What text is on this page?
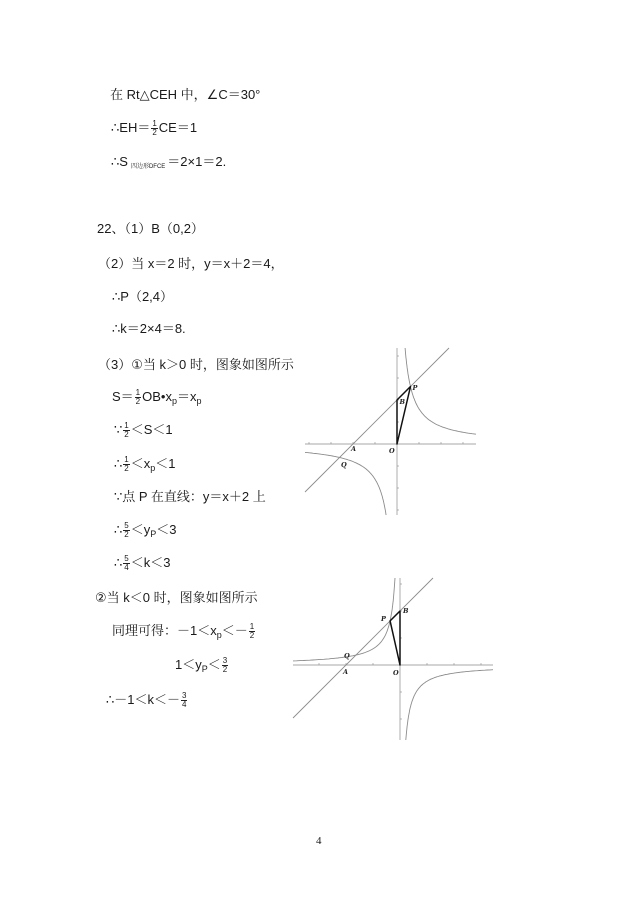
在 Rt△CEH 中，∠C＝30°
∴EH＝ $\frac{1}{2} CE=1$
∴S $_{四边形DFCE}$ ＝2×1＝2.
22、（1）B（0,2）
（2）当 x＝2 时，y＝x＋2＝4，
∴P（2,4）
∴k＝2×4＝8.
（3）①当 k＞0 时，图象如图所示
$S= \frac{1}{2}$ $OB•x_p=x_p$
∵ $\frac{1}{2} <S<1$
∴ $\frac{1}{2} <x_p<1$
∵点 P 在直线：y＝x＋2 上
∴ $\frac{5}{2} <y_P<3$
∴ $\frac{5}{4} <k<3$
②当 k＜0 时，图象如图所示
同理可得：$-1<x_p<- \frac{1}{2}$
$1<y_P< \frac{3}{2}$
∴－1＜k＜－ $\frac{3}{4}$
P
B
O
A
Q
P
B
Q
A	O
4
